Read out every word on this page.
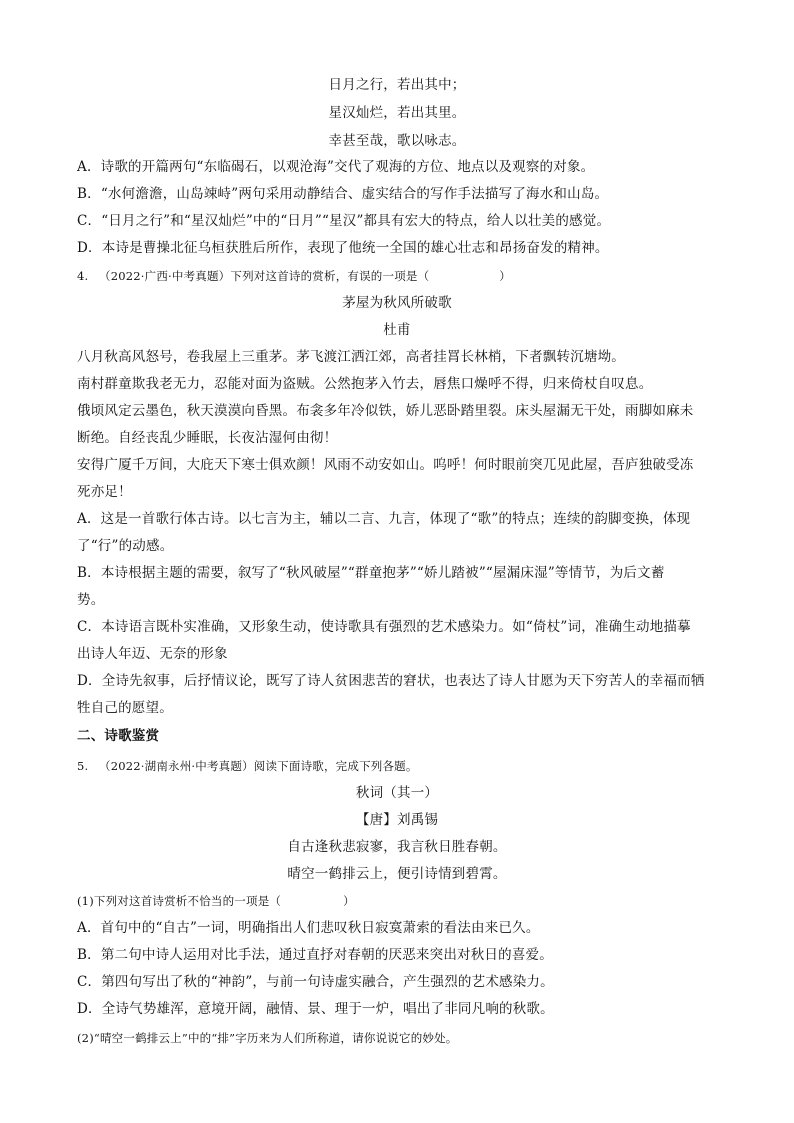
日月之行，若出其中；
星汉灿烂，若出其里。
幸甚至哉，歌以咏志。
A．诗歌的开篇两句“东临碣石，以观沧海”交代了观海的方位、地点以及观察的对象。
B．“水何澹澹，山岛竦峙”两句采用动静结合、虚实结合的写作手法描写了海水和山岛。
C．“日月之行”和“星汉灿烂”中的“日月”“星汉”都具有宏大的特点，给人以壮美的感觉。
D．本诗是曹操北征乌桓获胜后所作，表现了他统一全国的雄心壮志和昂扬奋发的精神。
4. （2022·广西·中考真题）下列对这首诗的赏析，有误的一项是（	）
茅屋为秋风所破歌
杜甫
八月秋高风怒号，卷我屋上三重茅。茅飞渡江洒江郊，高者挂罥长林梢，下者飘转沉塘坳。
南村群童欺我老无力，忍能对面为盗贼。公然抱茅入竹去，唇焦口燥呼不得，归来倚杖自叹息。
俄顷风定云墨色，秋天漠漠向昏黑。布衾多年冷似铁，娇儿恶卧踏里裂。床头屋漏无干处，雨脚如麻未
断绝。自经丧乱少睡眠，长夜沾湿何由彻！
安得广厦千万间，大庇天下寒士俱欢颜！风雨不动安如山。呜呼！何时眼前突兀见此屋，吾庐独破受冻
死亦足！
A．这是一首歌行体古诗。以七言为主，辅以二言、九言，体现了“歌”的特点；连续的韵脚变换，体现
了“行”的动感。
B．本诗根据主题的需要，叙写了“秋风破屋”“群童抱茅”“娇儿踏被”“屋漏床湿”等情节，为后文蓄
势。
C．本诗语言既朴实准确，又形象生动，使诗歌具有强烈的艺术感染力。如“倚杖”词，准确生动地描摹
出诗人年迈、无奈的形象
D．全诗先叙事，后抒情议论，既写了诗人贫困悲苦的窘状，也表达了诗人甘愿为天下穷苦人的幸福而牺
牲自己的愿望。
二、诗歌鉴赏
5. （2022·湖南永州·中考真题）阅读下面诗歌，完成下列各题。
秋词（其一）
【唐】刘禹锡
自古逢秋悲寂寥，我言秋日胜春朝。
晴空一鹤排云上，便引诗情到碧霄。
(1)下列对这首诗赏析不恰当的一项是（	）
A．首句中的“自古”一词，明确指出人们悲叹秋日寂寞萧索的看法由来已久。
B．第二句中诗人运用对比手法，通过直抒对春朝的厌恶来突出对秋日的喜爱。
C．第四句写出了秋的“神韵”，与前一句诗虚实融合，产生强烈的艺术感染力。
D．全诗气势雄浑，意境开阔，融情、景、理于一炉，唱出了非同凡响的秋歌。
(2)“晴空一鹤排云上”中的“排”字历来为人们所称道，请你说说它的妙处。
